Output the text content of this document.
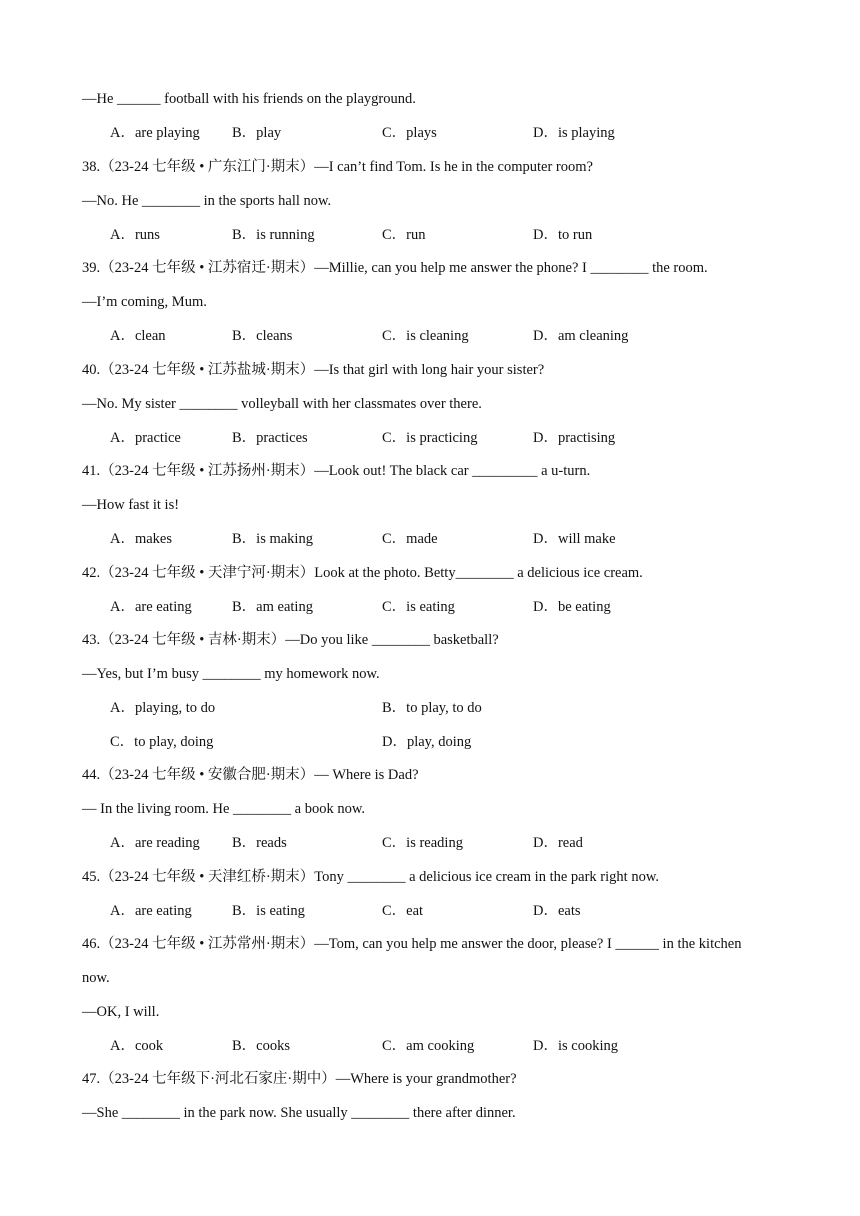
—He ______ football with his friends on the playground.
A．are playing B．play	C．plays	D．is playing
38.（23-24 七年级 • 广东江门·期末）—I can’t find Tom. Is he in the computer room?
—No. He ________ in the sports hall now.
A．runs	B．is running	C．run	D．to run
39.（23-24 七年级 • 江苏宿迁·期末）—Millie, can you help me answer the phone? I ________ the room.
—I’m coming, Mum.
A．clean	B．cleans	C．is cleaning	D．am cleaning
40.（23-24 七年级 • 江苏盐城·期末）—Is that girl with long hair your sister?
—No. My sister ________ volleyball with her classmates over there.
A．practice	B．practices	C．is practicing	D．practising
41.（23-24 七年级 • 江苏扬州·期末）—Look out! The black car _________ a u-turn.
—How fast it is!
A．makes	B．is making	C．made	D．will make
42.（23-24 七年级 • 天津宁河·期末）Look at the photo. Betty________ a delicious ice cream.
A．are eating	B．am eating	C．is eating	D．be eating
43.（23-24 七年级 • 吉林·期末）—Do you like ________ basketball?
—Yes, but I’m busy ________ my homework now.
A．playing, to do	B．to play, to do
C．to play, doing	D．play, doing
44.（23-24 七年级 • 安徽合肥·期末）— Where is Dad?
— In the living room. He ________ a book now.
A．are reading B．reads	C．is reading	D．read
45.（23-24 七年级 • 天津红桥·期末）Tony ________ a delicious ice cream in the park right now.
A．are eating	B．is eating	C．eat	D．eats
46.（23-24 七年级 • 江苏常州·期末）—Tom, can you help me answer the door, please? I ______ in the kitchen
now.
—OK, I will.
A．cook	B．cooks	C．am cooking	D．is cooking
47.（23-24 七年级下·河北石家庄·期中）—Where is your grandmother?
—She ________ in the park now. She usually ________ there after dinner.
